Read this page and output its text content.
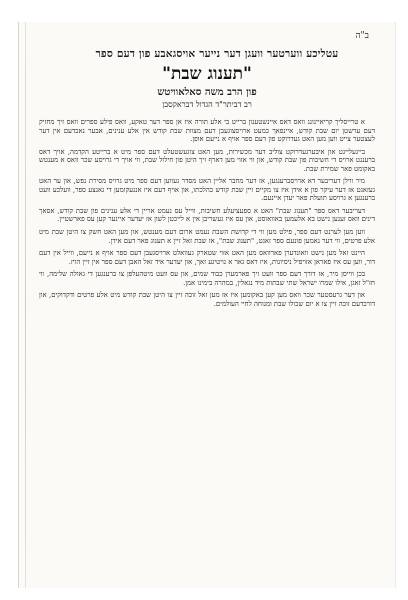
ב"ה
עטליכע ווערטער וועגן דער נייער אויסגאבע פון דעם ספר
"תענוג שבת"
פון הרב משה סאלאוויטש
רב דביתר"ד הגדול דבראקסבן

א טרייסליך קריאיינונג וואס דאס איינשטענון ברייט בי אלע תורה איז אן ספר דער טאקע, וואס פילע ספרים וואס זיך מחזיק דעם ערשטן יום שבת קודש, איינפאך כמעט ארויסצוגעבן דעם מצוות שבת קודש אין אלע ענינים, אבער נאכדעם אין דער לעצטער צייט ווען מען האט געדרוקט פון דעם ספר אויף א נייעם אופן.

בייגעלייגט און איבערגעדרוקט צוליב דער מכשירות, מען האט צוגעשטעלט דעם ספר מיט א ברייטע הקדמה, אויך דאס ברענגט ארויס די חשיבות פון שבת קודש, און ווי אזוי מען דארף זיך היטן פון חילול שבת, ווי אויך די גרויסע שכר וואס א מענטש באקומט פאר שמירת שבת.

מיר ווילן דעריבער דא ארויסברענגען, אז דער מחבר אליין האט מסדר געווען דעם ספר מיט גרויס מסירת נפש, און ער האט געזאגט אז דער עיקר פון א אידן איז צו מקיים זיין שבת קודש כהלכתו, און אויף דעם איז אנגעקומען די גאנצע ספר, וועלכע וועט ברענגען א גרויסע תועלת פאר יעדן איינעם.

דעריבער דאס ספר "תענוג שבת" האט א ספעציעלע חשיבות, ווייל עס נעמט אריין די אלע ענינים פון שבת קודש, אסאך דינים וואס זענען נישט בא אלעמען באוואוסט, און עס איז געשריבן אין א לייכטן לשון אז יעדער איינער קען עס פארשטיין.

ווען מען לערנט דעם ספר, פילט מען ווי די קדושת השבת נעמט ארום דעם מענטש, און מען האט חשק צו היטן שבת מיט אלע פרטים, ווי דער נאמען פונעם ספר זאגט, "תענוג שבת", אז שבת זאל זיין א תענוג פאר דעם אידן.

היינט זאל מען נישט וואונדערן פארוואס מען האט אזוי שטארק געוואלט ארויסגעבן דעם ספר אויף א נייעם, ווייל אין דעם דור, ווען עס איז פאראן אזויפיל ניסיונות, איז דאס גאר א נויטיגע זאך, און יעדער איד זאל האבן דעם ספר אין זיין הויז.

בכן ווייסן מיר, אז דורך דעם ספר וועט זיך פארמערן כבוד שמים, און עס וועט מיטהעלפן צו ברענגען די גאולה שלימה, ווי חז"ל זאגן, אילו שמרו ישראל שתי שבתות מיד נגאלין, במהרה בימינו אמן.

און דער גרעסטער שכר וואס מען קען באקומען איז אז מען זאל זוכה זיין צו היטן שבת קודש מיט אלע פרטים ודקדוקים, און דורכדעם זוכה זיין צו א יום שכולו שבת ומנוחה לחיי העולמים.
